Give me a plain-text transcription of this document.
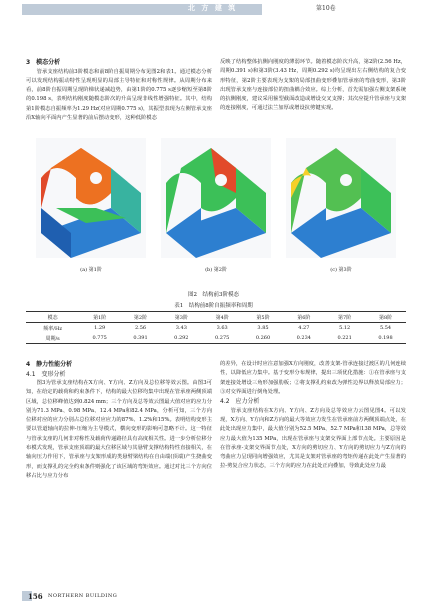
北 方 建 筑	第10卷

3　模态分析

管承支座结构前3阶模态和前8阶自振周期分布见图2和表1。通过模态分析可以发现结构振动特性呈现明显的局部主导特征和对称性规律。从周期分布来看，前8阶自振周期呈现阶梯状递减趋势，由第1阶的0.775 s逐步缩短至第8阶的0.198 s，表明结构刚度随模态阶次的升高呈现非线性增强特征。其中，结构第1阶模态自振频率为1.29 Hz(对应周期0.775 s)，其振型表现为左侧管承支座沿X轴向平面内产生显著的前后摆动变形，这种低阶模态

反映了结构整体抗侧向刚度的薄弱环节。随着模态阶次升高，第2阶(2.56 Hz，周期0.391 s)和第3阶(3.43 Hz，周期0.292 s)均呈现出左右侧结构的复合变形特征，第2阶主要表现为支架的局部扭曲变形叠加管承座的弯曲变形，第3阶出现管承支座与连接部位的扭曲耦合效应。综上分析，首先需加强左侧支架系统的抗侧刚度，建议采用箍型截面改造或增设交叉支撑；其次应提升管承座与支架的连接刚度，可通过法兰加厚或增设抗剪键实现。

(a) 第1阶	(b) 第2阶	(c) 第3阶
图2　结构前3阶模态
表1　结构前8阶自振频率和周期
模态	第1阶	第2阶	第3阶	第4阶	第5阶	第6阶	第7阶	第8阶
频率/Hz	1.29	2.56	3.43	3.63	3.85	4.27	5.12	5.54
周期/s	0.775	0.391	0.292	0.275	0.260	0.234	0.221	0.198

4　静力性能分析

4.1　变形分析

图3为管承支座结构在X方向、Y方向、Z方向及总位移等效云图。由图3可知，在给定的载荷和约束条件下，结构的最大位移均集中出现在管承座两侧顶端区域，总位移峰值达到0.824 mm；三个方向及总等效云图最大值对应的应力分别为71.3 MPa、0.98 MPa、12.4 MPa和82.4 MPa，分析可知，三个方向位移对应的应力分别占总位移对应应力的87%、1.2%和15%。表明结构变形主要以管道轴向的拉伸-压缩为主导模式，横向变形的影响可忽略不计。这一特征与管承支座的几何非对称性及载荷传递路径具有高度相关性。进一步分析位移分布模式发现，管承支座顶端的最大位移区域与其悬臂支撑结构特性直接相关，在轴向压力作用下，管承座与支架形成的类悬臂梁结构在自由端(顶端)产生挠曲变形，而支撑孔的完全约束条件则强化了该区域的弯矩效应。通过对比三个方向位移占比与应力分布

的差异，在设计时应注意加强X方向刚度，改善支架-管承连接过渡区的几何连续性，以降低应力集中。基于变形分布规律，提出三项优化措施：①在管承座与支架连接处增设三角形加强肋板；②将支撑孔约束改为弹性边界以释放局部应力；③对交界面进行倒角处理。

4.2　应力分析

管承支座结构在X方向、Y方向、Z方向及总等效应力云图见图4。可以发现，X方向、Y方向和Z方向的最大等效应力发生在管承座前方两侧顶端点处，在此处出现应力集中，最大值分别为52.5 MPa、52.7 MPa和138 MPa，总等效应力最大值为135 MPa，出现在管承座与支架交界面上部节点处。主要原因是在管承座-支架交界面节点处，X方向的剪切应力、Y方向的剪切应力与Z方向的弯曲应力呈现同向增强效应，尤其是支架对管承座的弯矩传递在此处产生显著的拉-剪复合应力状态，三个方向的应力在此处正向叠加，导致此处应力最

156 NORTHERN BUILDING
